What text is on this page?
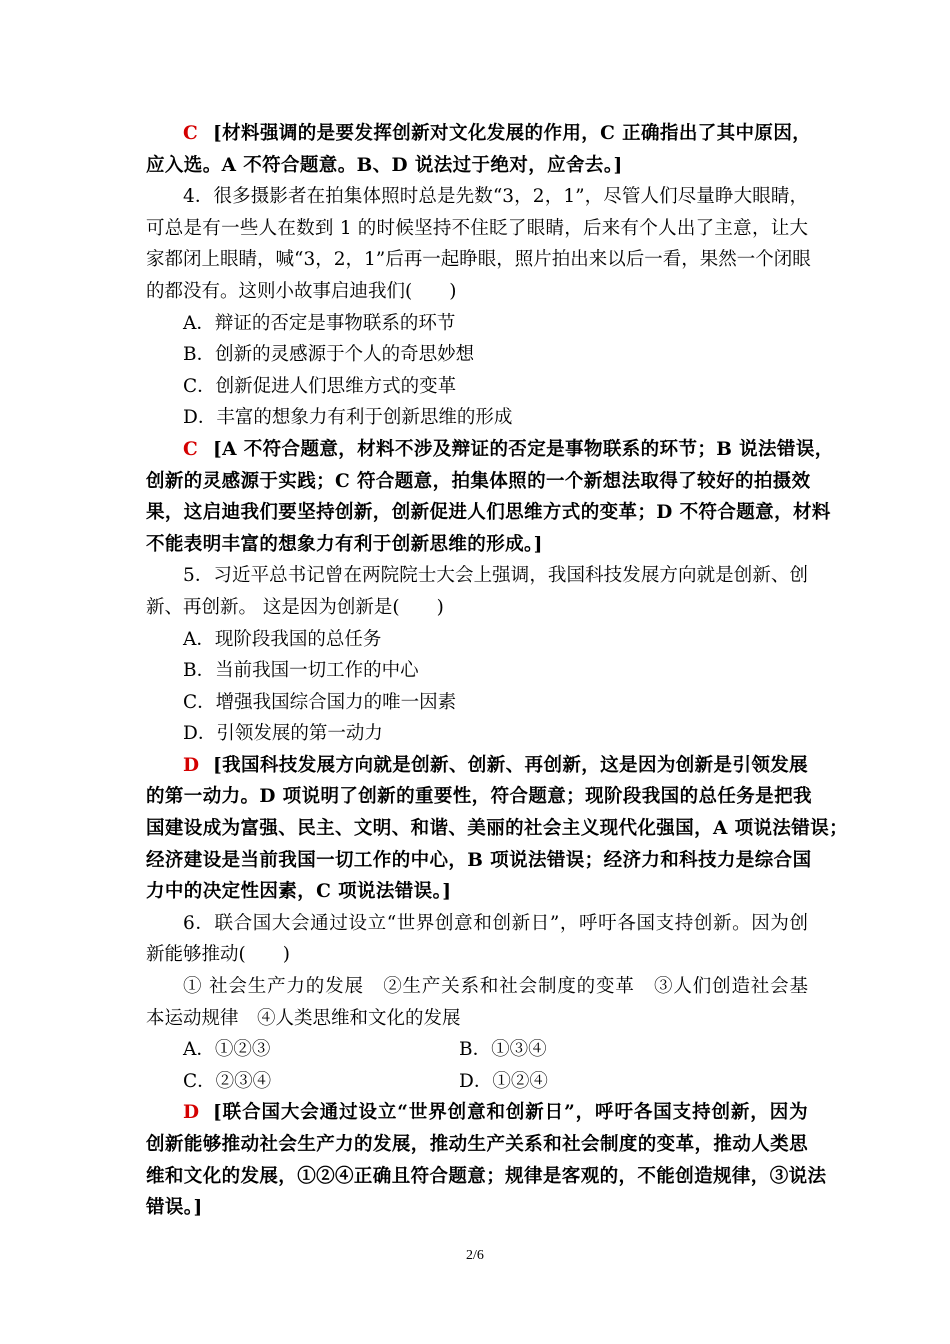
C [材料强调的是要发挥创新对文化发展的作用，C 正确指出了其中原因，
应入选。A 不符合题意。B、D 说法过于绝对，应舍去。]
4．很多摄影者在拍集体照时总是先数“3，2，1”，尽管人们尽量睁大眼睛，
可总是有一些人在数到 1 的时候坚持不住眨了眼睛，后来有个人出了主意，让大
家都闭上眼睛，喊“3，2，1”后再一起睁眼，照片拍出来以后一看，果然一个闭眼
的都没有。这则小故事启迪我们(　　)
A．辩证的否定是事物联系的环节
B．创新的灵感源于个人的奇思妙想
C．创新促进人们思维方式的变革
D．丰富的想象力有利于创新思维的形成
C [A 不符合题意，材料不涉及辩证的否定是事物联系的环节；B 说法错误，
创新的灵感源于实践；C 符合题意，拍集体照的一个新想法取得了较好的拍摄效
果，这启迪我们要坚持创新，创新促进人们思维方式的变革；D 不符合题意，材料
不能表明丰富的想象力有利于创新思维的形成。]
5．习近平总书记曾在两院院士大会上强调，我国科技发展方向就是创新、创
新、再创新。 这是因为创新是(　　)
A．现阶段我国的总任务
B．当前我国一切工作的中心
C．增强我国综合国力的唯一因素
D．引领发展的第一动力
D [我国科技发展方向就是创新、创新、再创新，这是因为创新是引领发展
的第一动力。D 项说明了创新的重要性，符合题意；现阶段我国的总任务是把我
国建设成为富强、民主、文明、和谐、美丽的社会主义现代化强国，A 项说法错误；
经济建设是当前我国一切工作的中心，B 项说法错误；经济力和科技力是综合国
力中的决定性因素，C 项说法错误。]
6．联合国大会通过设立“世界创意和创新日”，呼吁各国支持创新。因为创
新能够推动(　　)
① 社会生产力的发展　②生产关系和社会制度的变革　③人们创造社会基
本运动规律　④人类思维和文化的发展
A．①②③	B．①③④
C．②③④	D．①②④
D [联合国大会通过设立“世界创意和创新日”，呼吁各国支持创新，因为
创新能够推动社会生产力的发展，推动生产关系和社会制度的变革，推动人类思
维和文化的发展，①②④正确且符合题意；规律是客观的，不能创造规律，③说法
错误。]
2/6
